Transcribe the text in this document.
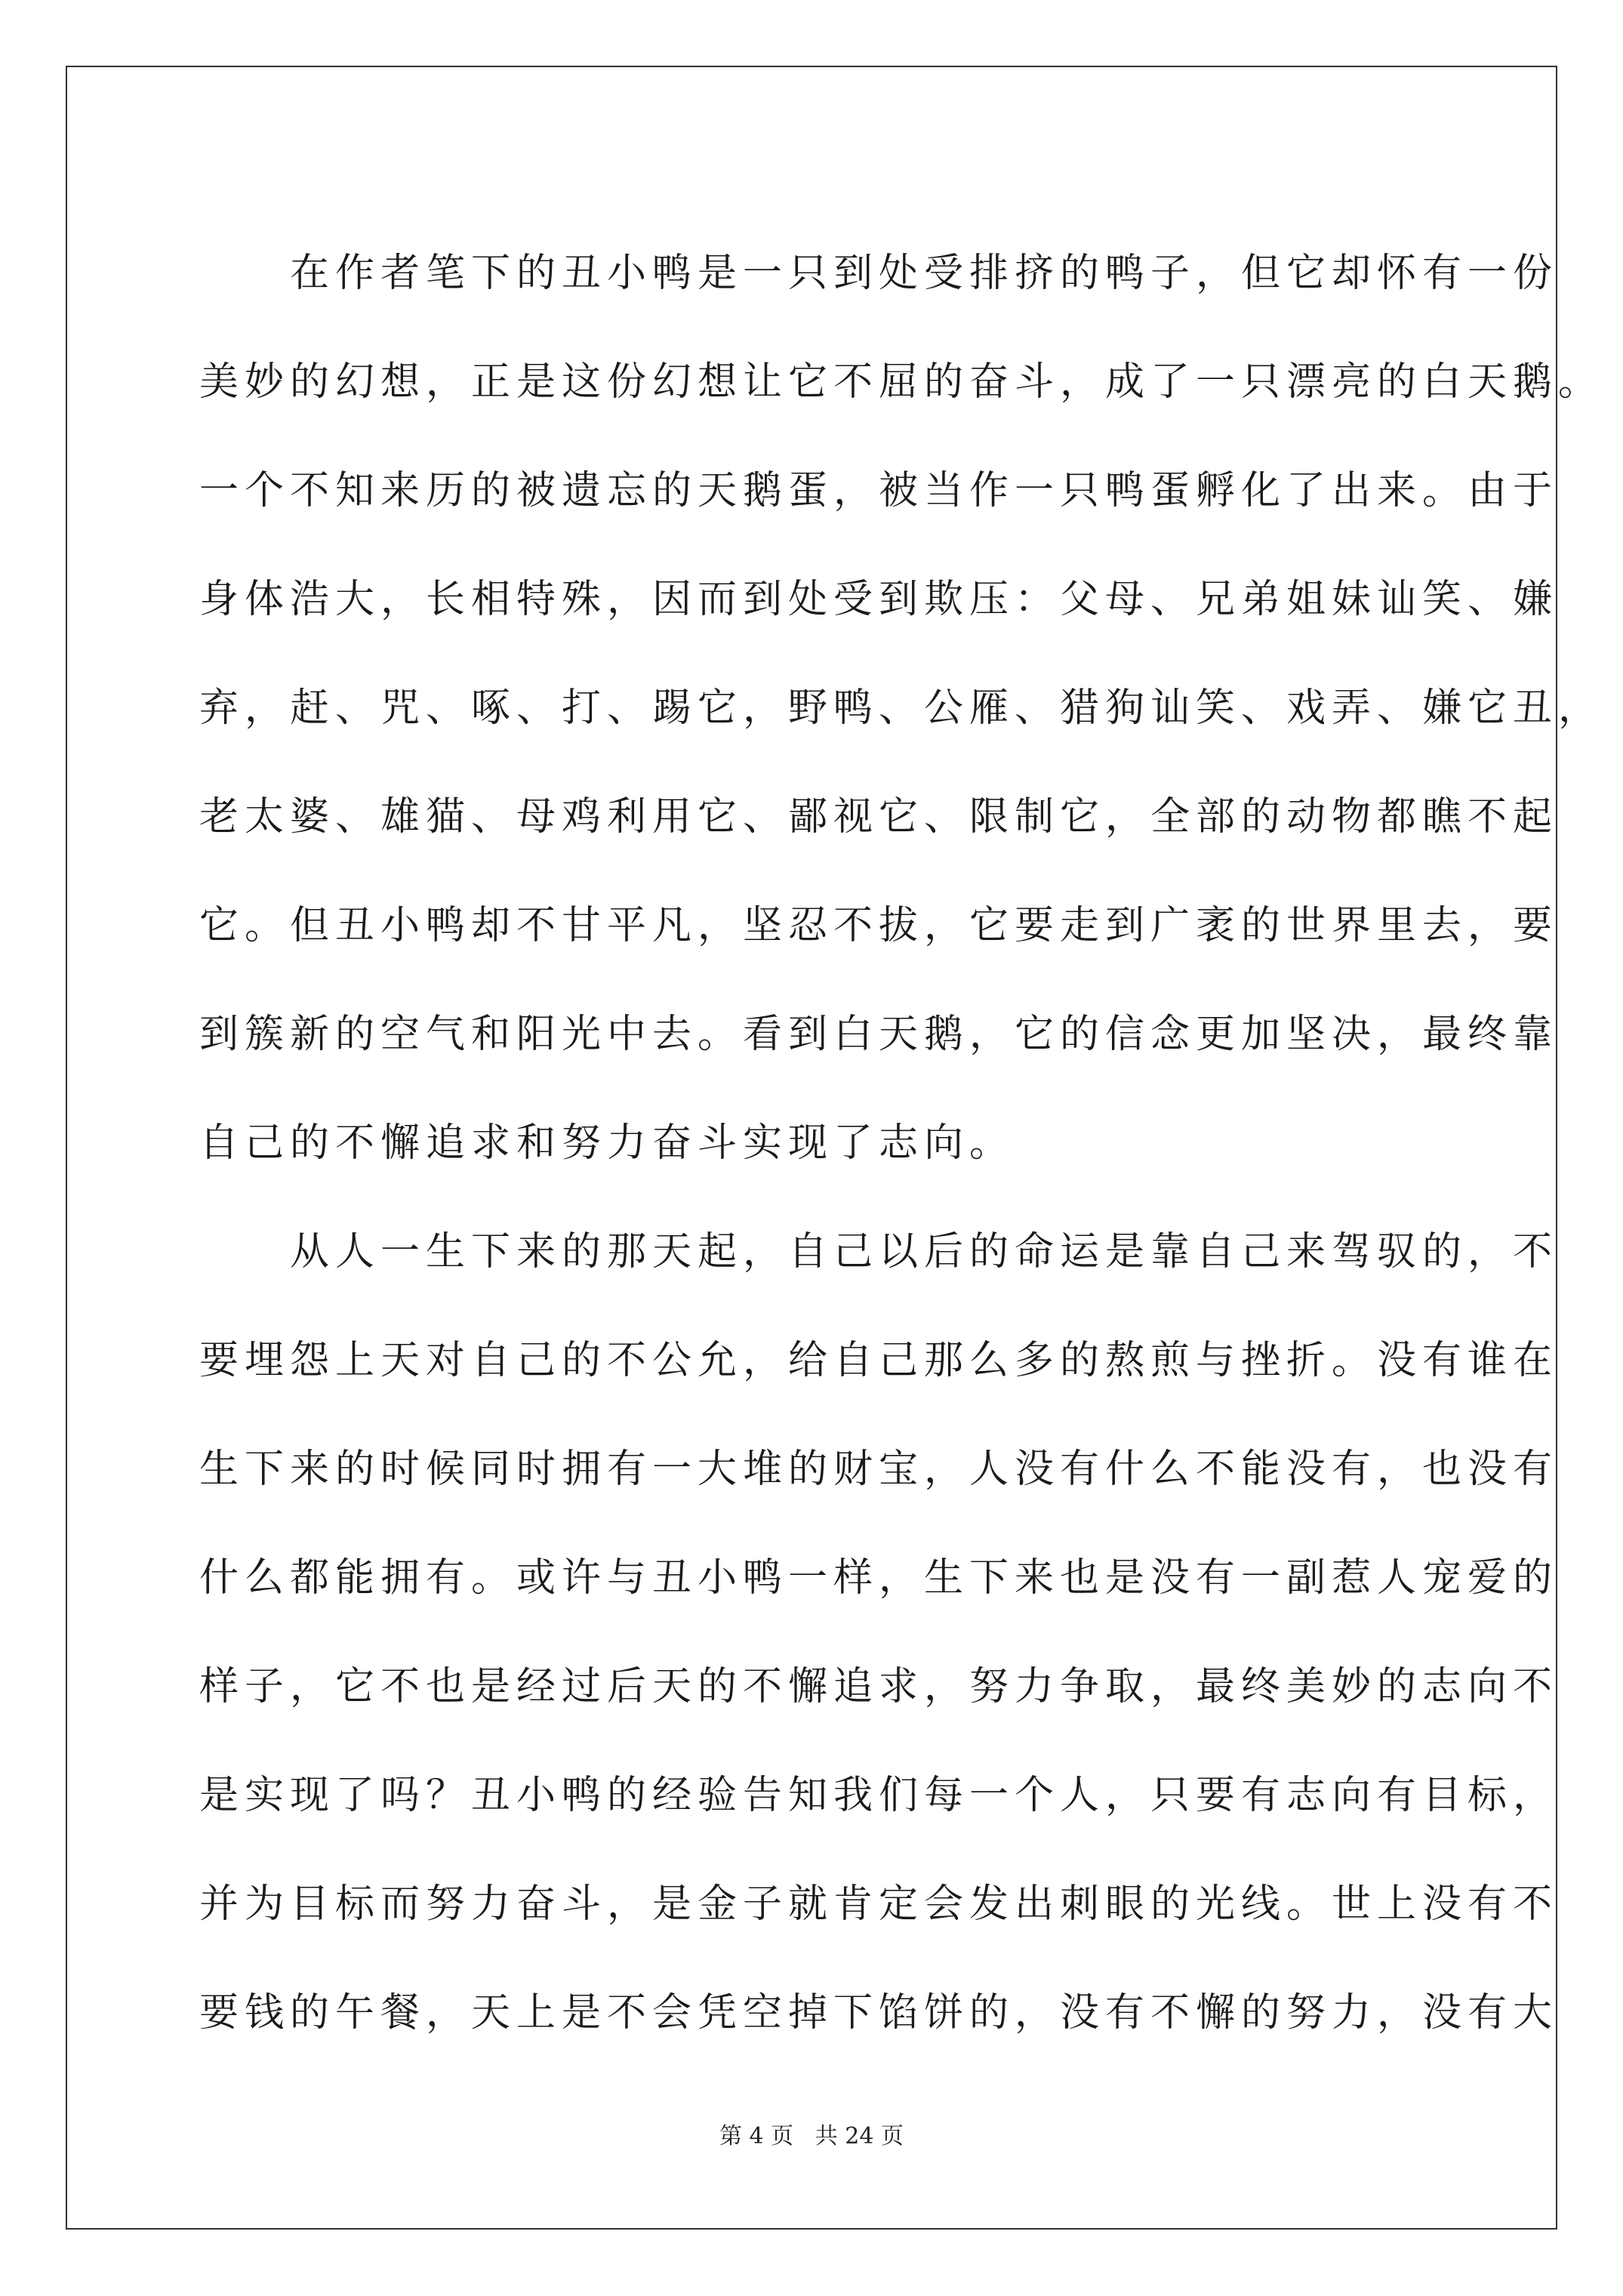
　　在作者笔下的丑小鸭是一只到处受排挤的鸭子，但它却怀有一份
美妙的幻想，正是这份幻想让它不屈的奋斗，成了一只漂亮的白天鹅。
一个不知来历的被遗忘的天鹅蛋，被当作一只鸭蛋孵化了出来。由于
身体浩大，长相特殊，因而到处受到欺压：父母、兄弟姐妹讪笑、嫌
弃，赶、咒、啄、打、踢它，野鸭、公雁、猎狗讪笑、戏弄、嫌它丑，
老太婆、雄猫、母鸡利用它、鄙视它、限制它，全部的动物都瞧不起
它。但丑小鸭却不甘平凡，坚忍不拔，它要走到广袤的世界里去，要
到簇新的空气和阳光中去。看到白天鹅，它的信念更加坚决，最终靠
自己的不懈追求和努力奋斗实现了志向。
　　从人一生下来的那天起，自己以后的命运是靠自己来驾驭的，不
要埋怨上天对自己的不公允，给自己那么多的熬煎与挫折。没有谁在
生下来的时候同时拥有一大堆的财宝，人没有什么不能没有，也没有
什么都能拥有。或许与丑小鸭一样，生下来也是没有一副惹人宠爱的
样子，它不也是经过后天的不懈追求，努力争取，最终美妙的志向不
是实现了吗？丑小鸭的经验告知我们每一个人，只要有志向有目标，
并为目标而努力奋斗，是金子就肯定会发出刺眼的光线。世上没有不
要钱的午餐，天上是不会凭空掉下馅饼的，没有不懈的努力，没有大
第 4 页 共 24 页
